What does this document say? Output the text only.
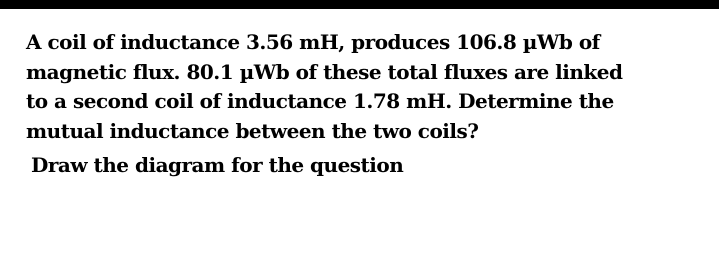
A coil of inductance 3.56 mH, produces 106.8 µWb of
magnetic flux. 80.1 µWb of these total fluxes are linked
to a second coil of inductance 1.78 mH. Determine the
mutual inductance between the two coils?

Draw the diagram for the question
